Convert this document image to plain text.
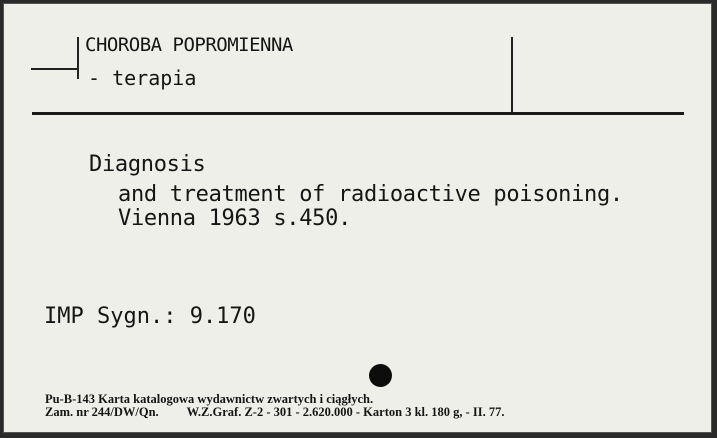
CHOROBA POPROMIENNA
- terapia
Diagnosis
and treatment of radioactive poisoning.
Vienna 1963 s.450.
IMP Sygn.: 9.170
Pu-B-143 Karta katalogowa wydawnictw zwartych i ciągłych.
Zam. nr 244/DW/Qn.         W.Z.Graf. Z-2 - 301 - 2.620.000 - Karton 3 kl. 180 g, - II. 77.
